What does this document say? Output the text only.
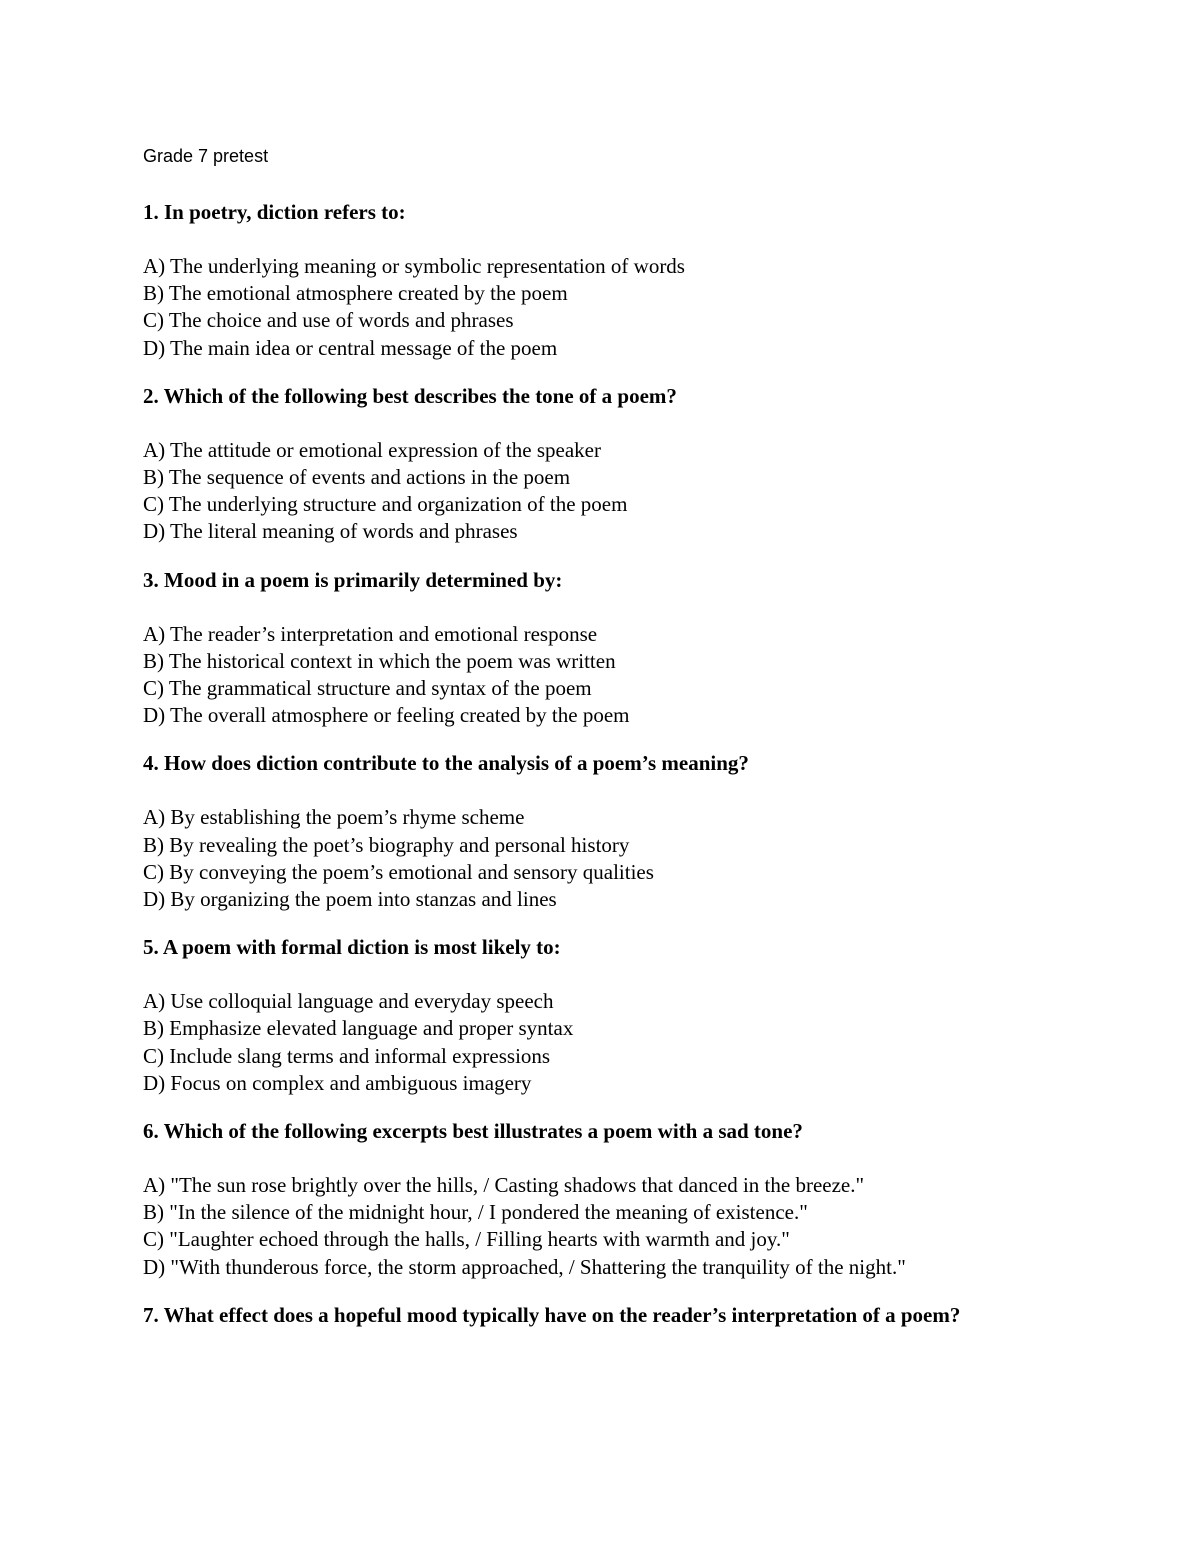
Grade 7 pretest
1. In poetry, diction refers to:
A) The underlying meaning or symbolic representation of words
B) The emotional atmosphere created by the poem
C) The choice and use of words and phrases
D) The main idea or central message of the poem
2. Which of the following best describes the tone of a poem?
A) The attitude or emotional expression of the speaker
B) The sequence of events and actions in the poem
C) The underlying structure and organization of the poem
D) The literal meaning of words and phrases
3. Mood in a poem is primarily determined by:
A) The reader’s interpretation and emotional response
B) The historical context in which the poem was written
C) The grammatical structure and syntax of the poem
D) The overall atmosphere or feeling created by the poem
4. How does diction contribute to the analysis of a poem’s meaning?
A) By establishing the poem’s rhyme scheme
B) By revealing the poet’s biography and personal history
C) By conveying the poem’s emotional and sensory qualities
D) By organizing the poem into stanzas and lines
5. A poem with formal diction is most likely to:
A) Use colloquial language and everyday speech
B) Emphasize elevated language and proper syntax
C) Include slang terms and informal expressions
D) Focus on complex and ambiguous imagery
6. Which of the following excerpts best illustrates a poem with a sad tone?
A) "The sun rose brightly over the hills, / Casting shadows that danced in the breeze."
B) "In the silence of the midnight hour, / I pondered the meaning of existence."
C) "Laughter echoed through the halls, / Filling hearts with warmth and joy."
D) "With thunderous force, the storm approached, / Shattering the tranquility of the night."
7. What effect does a hopeful mood typically have on the reader’s interpretation of a poem?
